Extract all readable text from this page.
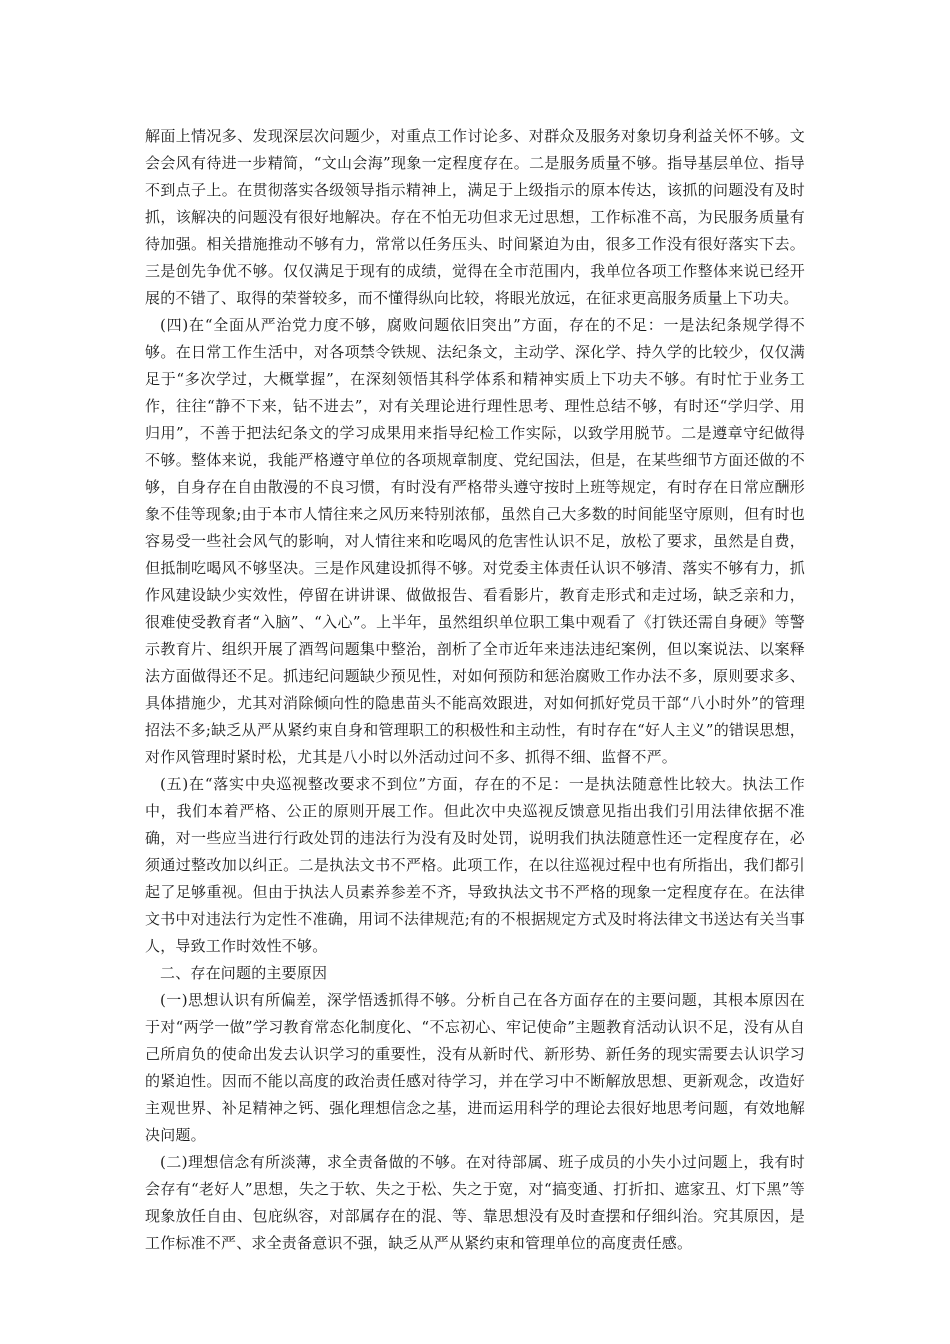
解面上情况多、发现深层次问题少，对重点工作讨论多、对群众及服务对象切身利益关怀不够。文会会风有待进一步精简，“文山会海”现象一定程度存在。二是服务质量不够。指导基层单位、指导不到点子上。在贯彻落实各级领导指示精神上，满足于上级指示的原本传达，该抓的问题没有及时抓，该解决的问题没有很好地解决。存在不怕无功但求无过思想，工作标准不高，为民服务质量有待加强。相关措施推动不够有力，常常以任务压头、时间紧迫为由，很多工作没有很好落实下去。三是创先争优不够。仅仅满足于现有的成绩，觉得在全市范围内，我单位各项工作整体来说已经开展的不错了、取得的荣誉较多，而不懂得纵向比较，将眼光放远，在征求更高服务质量上下功夫。

(四)在“全面从严治党力度不够，腐败问题依旧突出”方面，存在的不足：一是法纪条规学得不够。在日常工作生活中，对各项禁令铁规、法纪条文，主动学、深化学、持久学的比较少，仅仅满足于“多次学过，大概掌握”，在深刻领悟其科学体系和精神实质上下功夫不够。有时忙于业务工作，往往“静不下来，钻不进去”，对有关理论进行理性思考、理性总结不够，有时还“学归学、用归用”，不善于把法纪条文的学习成果用来指导纪检工作实际，以致学用脱节。二是遵章守纪做得不够。整体来说，我能严格遵守单位的各项规章制度、党纪国法，但是，在某些细节方面还做的不够，自身存在自由散漫的不良习惯，有时没有严格带头遵守按时上班等规定，有时存在日常应酬形象不佳等现象;由于本市人情往来之风历来特别浓郁，虽然自己大多数的时间能坚守原则，但有时也容易受一些社会风气的影响，对人情往来和吃喝风的危害性认识不足，放松了要求，虽然是自费，但抵制吃喝风不够坚决。三是作风建设抓得不够。对党委主体责任认识不够清、落实不够有力，抓作风建设缺少实效性，停留在讲讲课、做做报告、看看影片，教育走形式和走过场，缺乏亲和力，很难使受教育者“入脑”、“入心”。上半年，虽然组织单位职工集中观看了《打铁还需自身硬》等警示教育片、组织开展了酒驾问题集中整治，剖析了全市近年来违法违纪案例，但以案说法、以案释法方面做得还不足。抓违纪问题缺少预见性，对如何预防和惩治腐败工作办法不多，原则要求多、具体措施少，尤其对消除倾向性的隐患苗头不能高效跟进，对如何抓好党员干部“八小时外”的管理招法不多;缺乏从严从紧约束自身和管理职工的积极性和主动性，有时存在“好人主义”的错误思想，对作风管理时紧时松，尤其是八小时以外活动过问不多、抓得不细、监督不严。

(五)在“落实中央巡视整改要求不到位”方面，存在的不足：一是执法随意性比较大。执法工作中，我们本着严格、公正的原则开展工作。但此次中央巡视反馈意见指出我们引用法律依据不准确，对一些应当进行行政处罚的违法行为没有及时处罚，说明我们执法随意性还一定程度存在，必须通过整改加以纠正。二是执法文书不严格。此项工作，在以往巡视过程中也有所指出，我们都引起了足够重视。但由于执法人员素养参差不齐，导致执法文书不严格的现象一定程度存在。在法律文书中对违法行为定性不准确，用词不法律规范;有的不根据规定方式及时将法律文书送达有关当事人，导致工作时效性不够。

二、存在问题的主要原因

(一)思想认识有所偏差，深学悟透抓得不够。分析自己在各方面存在的主要问题，其根本原因在于对“两学一做”学习教育常态化制度化、“不忘初心、牢记使命”主题教育活动认识不足，没有从自己所肩负的使命出发去认识学习的重要性，没有从新时代、新形势、新任务的现实需要去认识学习的紧迫性。因而不能以高度的政治责任感对待学习，并在学习中不断解放思想、更新观念，改造好主观世界、补足精神之钙、强化理想信念之基，进而运用科学的理论去很好地思考问题，有效地解决问题。

(二)理想信念有所淡薄，求全责备做的不够。在对待部属、班子成员的小失小过问题上，我有时会存有“老好人”思想，失之于软、失之于松、失之于宽，对“搞变通、打折扣、遮家丑、灯下黑”等现象放任自由、包庇纵容，对部属存在的混、等、靠思想没有及时查摆和仔细纠治。究其原因，是工作标准不严、求全责备意识不强，缺乏从严从紧约束和管理单位的高度责任感。
